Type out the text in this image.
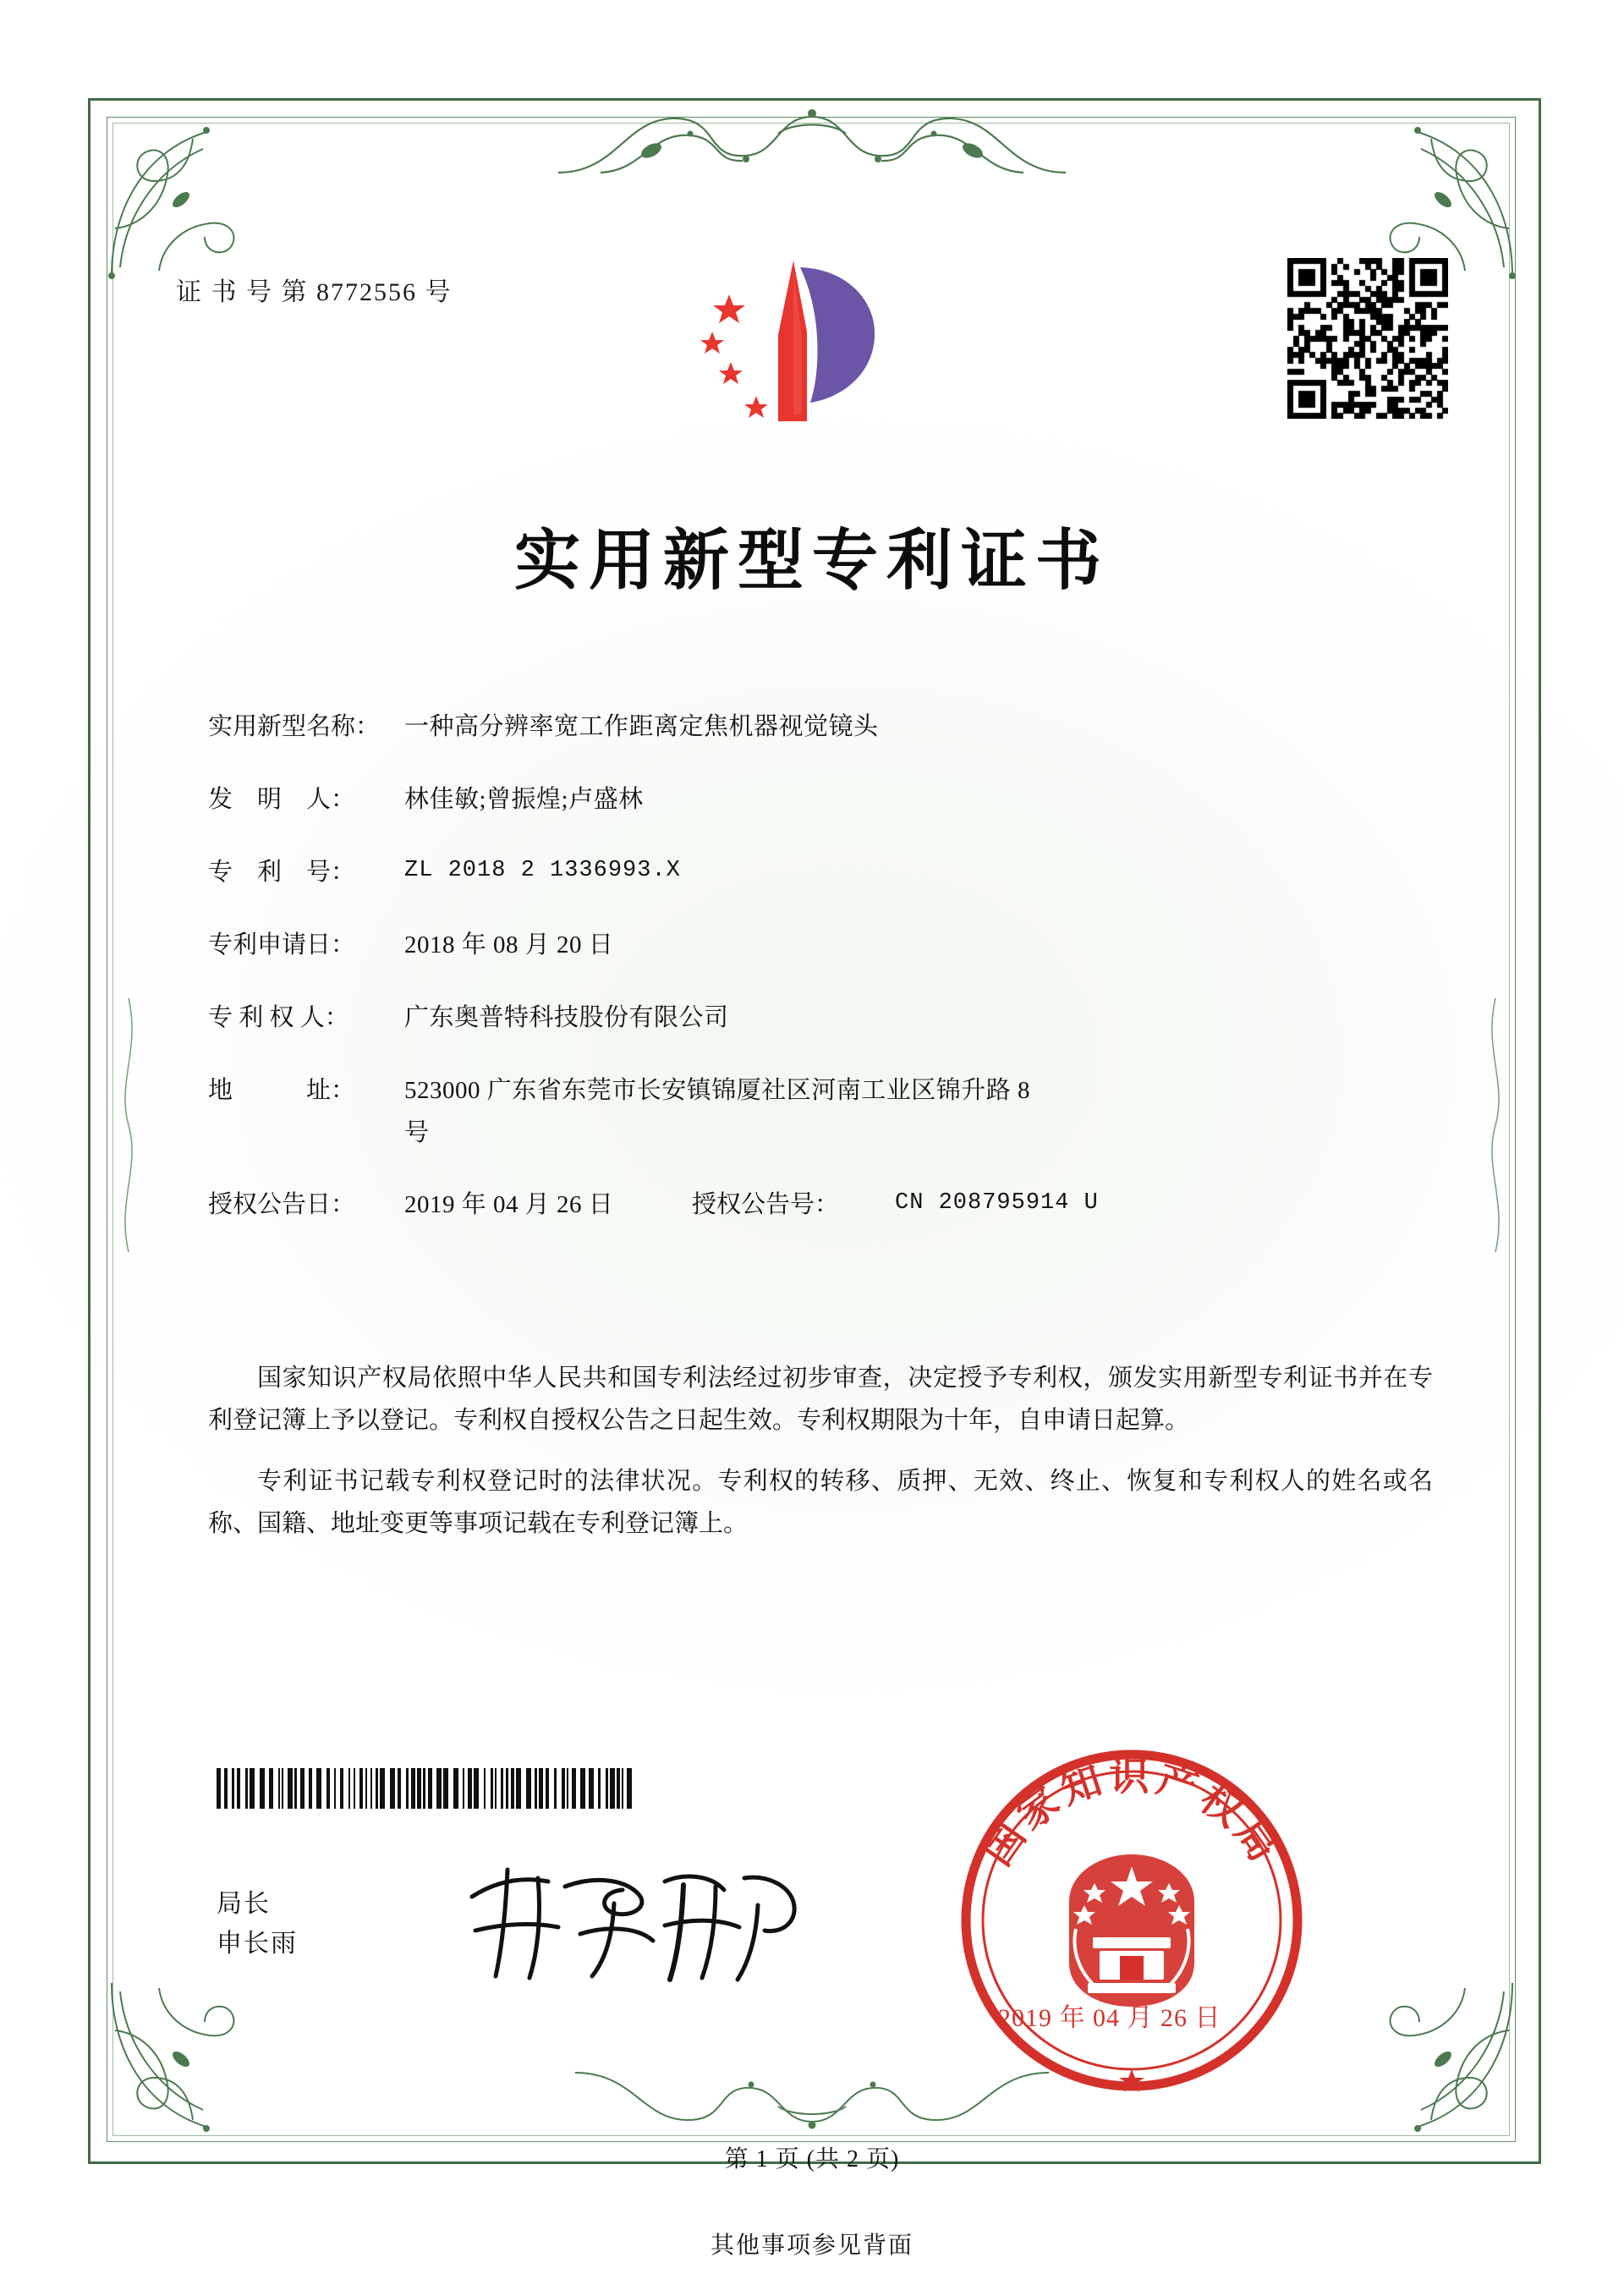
证 书 号 第 8772556 号
实用新型专利证书
实用新型名称： 一种高分辨率宽工作距离定焦机器视觉镜头
发　明　人：	林佳敏;曾振煌;卢盛林
专　利　号：	ZL 2018 2 1336993.X
专利申请日：	2018 年 08 月 20 日
专 利 权 人：	广东奥普特科技股份有限公司
地　　　址：	523000 广东省东莞市长安镇锦厦社区河南工业区锦升路 8
号
授权公告日：	2019 年 04 月 26 日	授权公告号：	CN 208795914 U

国家知识产权局依照中华人民共和国专利法经过初步审查，决定授予专利权，颁发实用新型专利证书并在专利登记簿上予以登记。专利权自授权公告之日起生效。专利权期限为十年，自申请日起算。

专利证书记载专利权登记时的法律状况。专利权的转移、质押、无效、终止、恢复和专利权人的姓名或名称、国籍、地址变更等事项记载在专利登记簿上。

局长
申长雨
国家知识产权局
2019 年 04 月 26 日
第 1 页 (共 2 页)
其他事项参见背面
